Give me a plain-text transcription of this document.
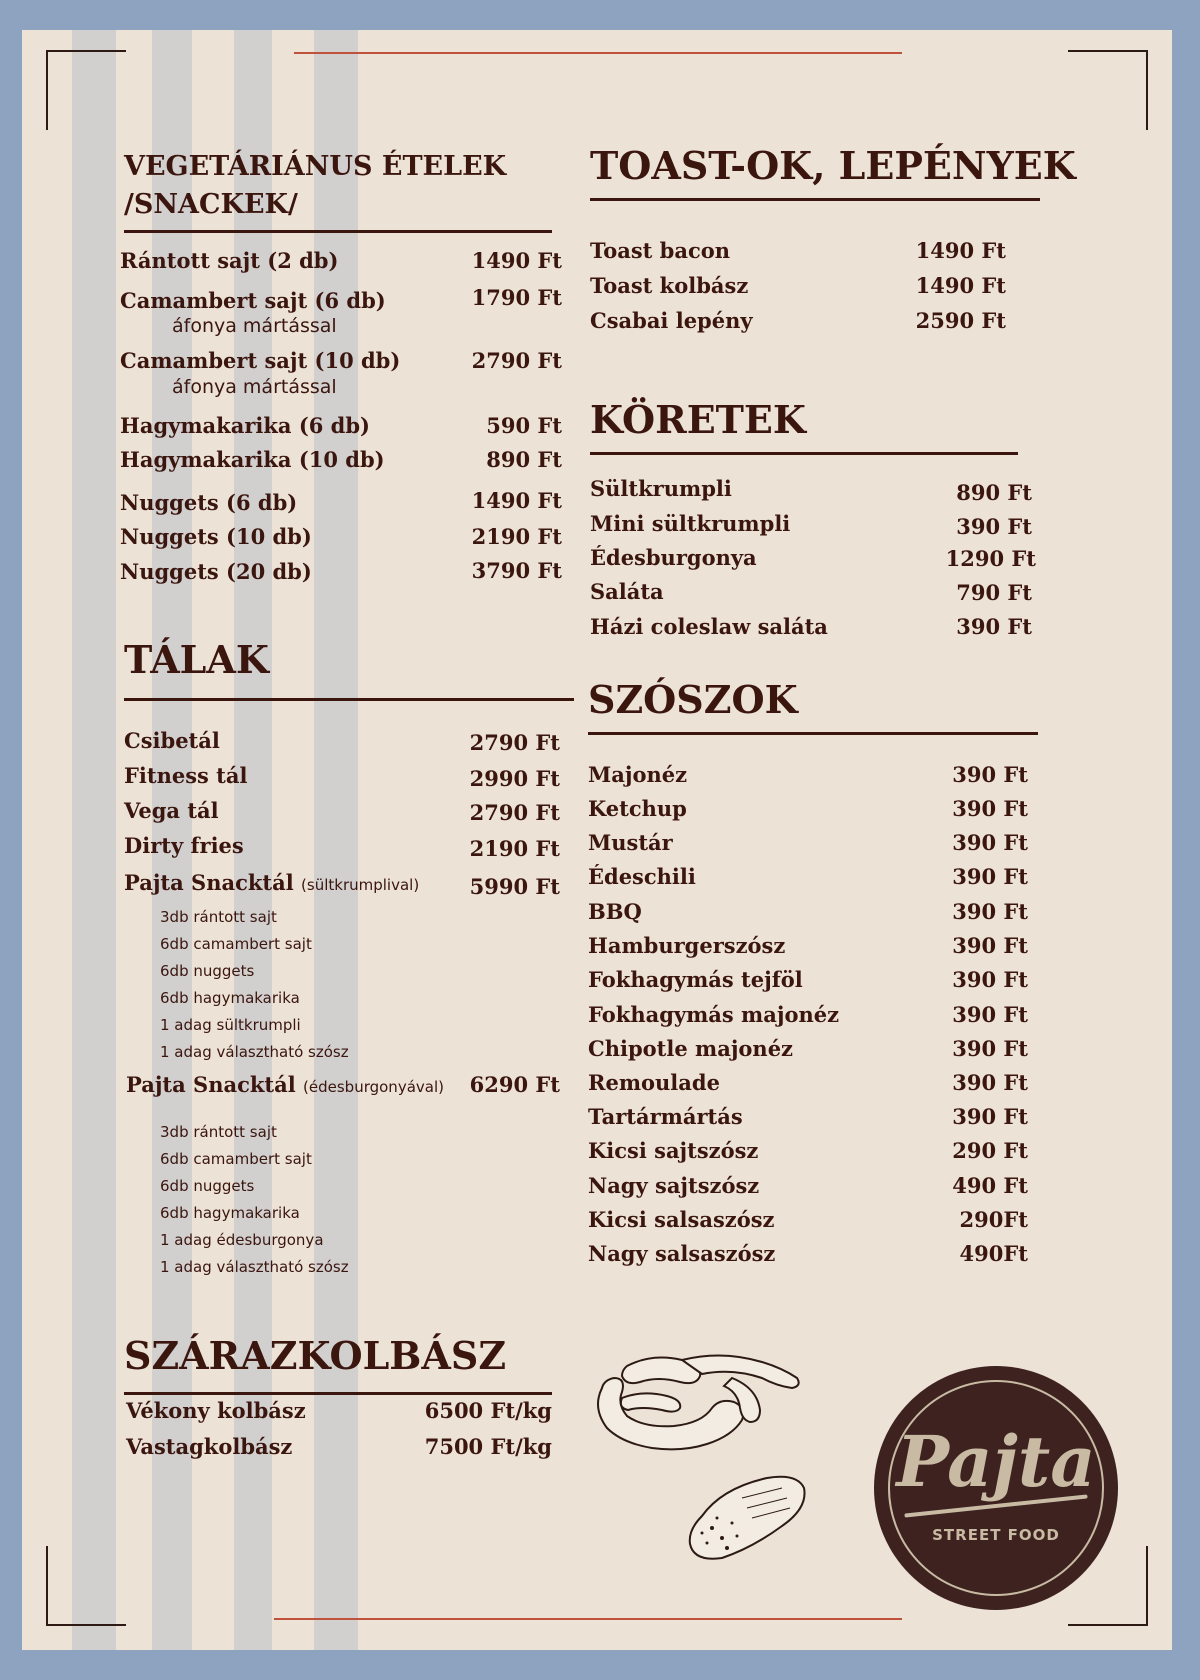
VEGETÁRIÁNUS ÉTELEK /SNACKEK/
Rántott sajt (2 db)	1490 Ft
Camambert sajt (6 db)	1790 Ft
áfonya mártással
Camambert sajt (10 db)	2790 Ft
áfonya mártással
Hagymakarika (6 db)	590 Ft
Hagymakarika (10 db)	890 Ft
Nuggets (6 db)	1490 Ft
Nuggets (10 db)	2190 Ft
Nuggets (20 db)	3790 Ft
TÁLAK
Csibetál	2790 Ft
Fitness tál	2990 Ft
Vega tál	2790 Ft
Dirty fries	2190 Ft
Pajta Snacktál (sültkrumplival)	5990 Ft
3db rántott sajt
6db camambert sajt
6db nuggets
6db hagymakarika
1 adag sültkrumpli
1 adag választható szósz
Pajta Snacktál (édesburgonyával)	6290 Ft
3db rántott sajt
6db camambert sajt
6db nuggets
6db hagymakarika
1 adag édesburgonya
1 adag választható szósz
SZÁRAZKOLBÁSZ
Vékony kolbász	6500 Ft/kg
Vastagkolbász	7500 Ft/kg
TOAST-OK, LEPÉNYEK
Toast bacon	1490 Ft
Toast kolbász	1490 Ft
Csabai lepény	2590 Ft
KÖRETEK
Sültkrumpli	890 Ft
Mini sültkrumpli	390 Ft
Édesburgonya	1290 Ft
Saláta	790 Ft
Házi coleslaw saláta	390 Ft
SZÓSZOK
Majonéz	390 Ft
Ketchup	390 Ft
Mustár	390 Ft
Édeschili	390 Ft
BBQ	390 Ft
Hamburgerszósz	390 Ft
Fokhagymás tejföl	390 Ft
Fokhagymás majonéz	390 Ft
Chipotle majonéz	390 Ft
Remoulade	390 Ft
Tartármártás	390 Ft
Kicsi sajtszósz	290 Ft
Nagy sajtszósz	490 Ft
Kicsi salsaszósz	290Ft
Nagy salsaszósz	490Ft
Pajta
STREET FOOD
